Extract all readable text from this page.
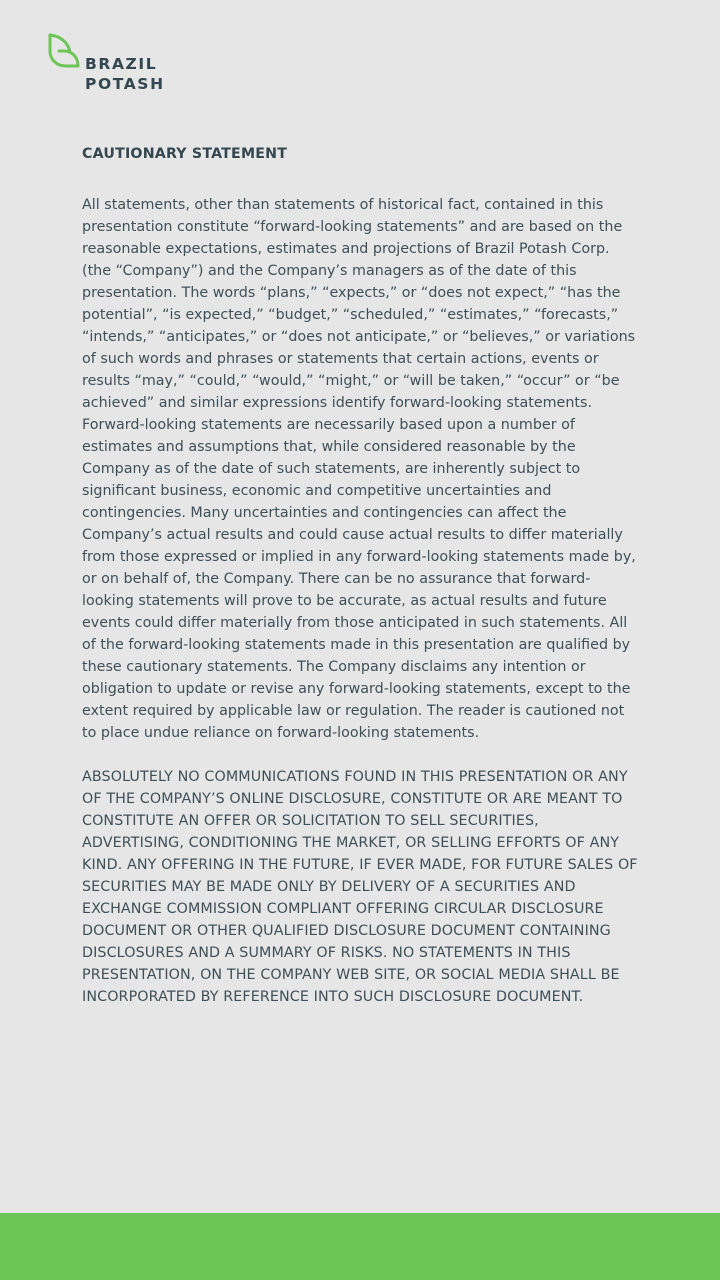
BRAZIL
POTASH
CAUTIONARY STATEMENT

All statements, other than statements of historical fact, contained in this presentation constitute “forward-looking statements” and are based on the reasonable expectations, estimates and projections of Brazil Potash Corp. (the “Company”) and the Company’s managers as of the date of this presentation. The words “plans,” “expects,” or “does not expect,” “has the potential”, “is expected,” “budget,” “scheduled,” “estimates,” “forecasts,” “intends,” “anticipates,” or “does not anticipate,” or “believes,” or variations of such words and phrases or statements that certain actions, events or results “may,” “could,” “would,” “might,” or “will be taken,” “occur” or “be achieved” and similar expressions identify forward-looking statements. Forward-looking statements are necessarily based upon a number of estimates and assumptions that, while considered reasonable by the Company as of the date of such statements, are inherently subject to significant business, economic and competitive uncertainties and contingencies. Many uncertainties and contingencies can affect the Company’s actual results and could cause actual results to differ materially from those expressed or implied in any forward-looking statements made by, or on behalf of, the Company. There can be no assurance that forward-looking statements will prove to be accurate, as actual results and future events could differ materially from those anticipated in such statements. All of the forward-looking statements made in this presentation are qualified by these cautionary statements. The Company disclaims any intention or obligation to update or revise any forward-looking statements, except to the extent required by applicable law or regulation. The reader is cautioned not to place undue reliance on forward-looking statements.

ABSOLUTELY NO COMMUNICATIONS FOUND IN THIS PRESENTATION OR ANY OF THE COMPANY’S ONLINE DISCLOSURE, CONSTITUTE OR ARE MEANT TO CONSTITUTE AN OFFER OR SOLICITATION TO SELL SECURITIES, ADVERTISING, CONDITIONING THE MARKET, OR SELLING EFFORTS OF ANY KIND. ANY OFFERING IN THE FUTURE, IF EVER MADE, FOR FUTURE SALES OF SECURITIES MAY BE MADE ONLY BY DELIVERY OF A SECURITIES AND EXCHANGE COMMISSION COMPLIANT OFFERING CIRCULAR DISCLOSURE DOCUMENT OR OTHER QUALIFIED DISCLOSURE DOCUMENT CONTAINING DISCLOSURES AND A SUMMARY OF RISKS. NO STATEMENTS IN THIS PRESENTATION, ON THE COMPANY WEB SITE, OR SOCIAL MEDIA SHALL BE INCORPORATED BY REFERENCE INTO SUCH DISCLOSURE DOCUMENT.
